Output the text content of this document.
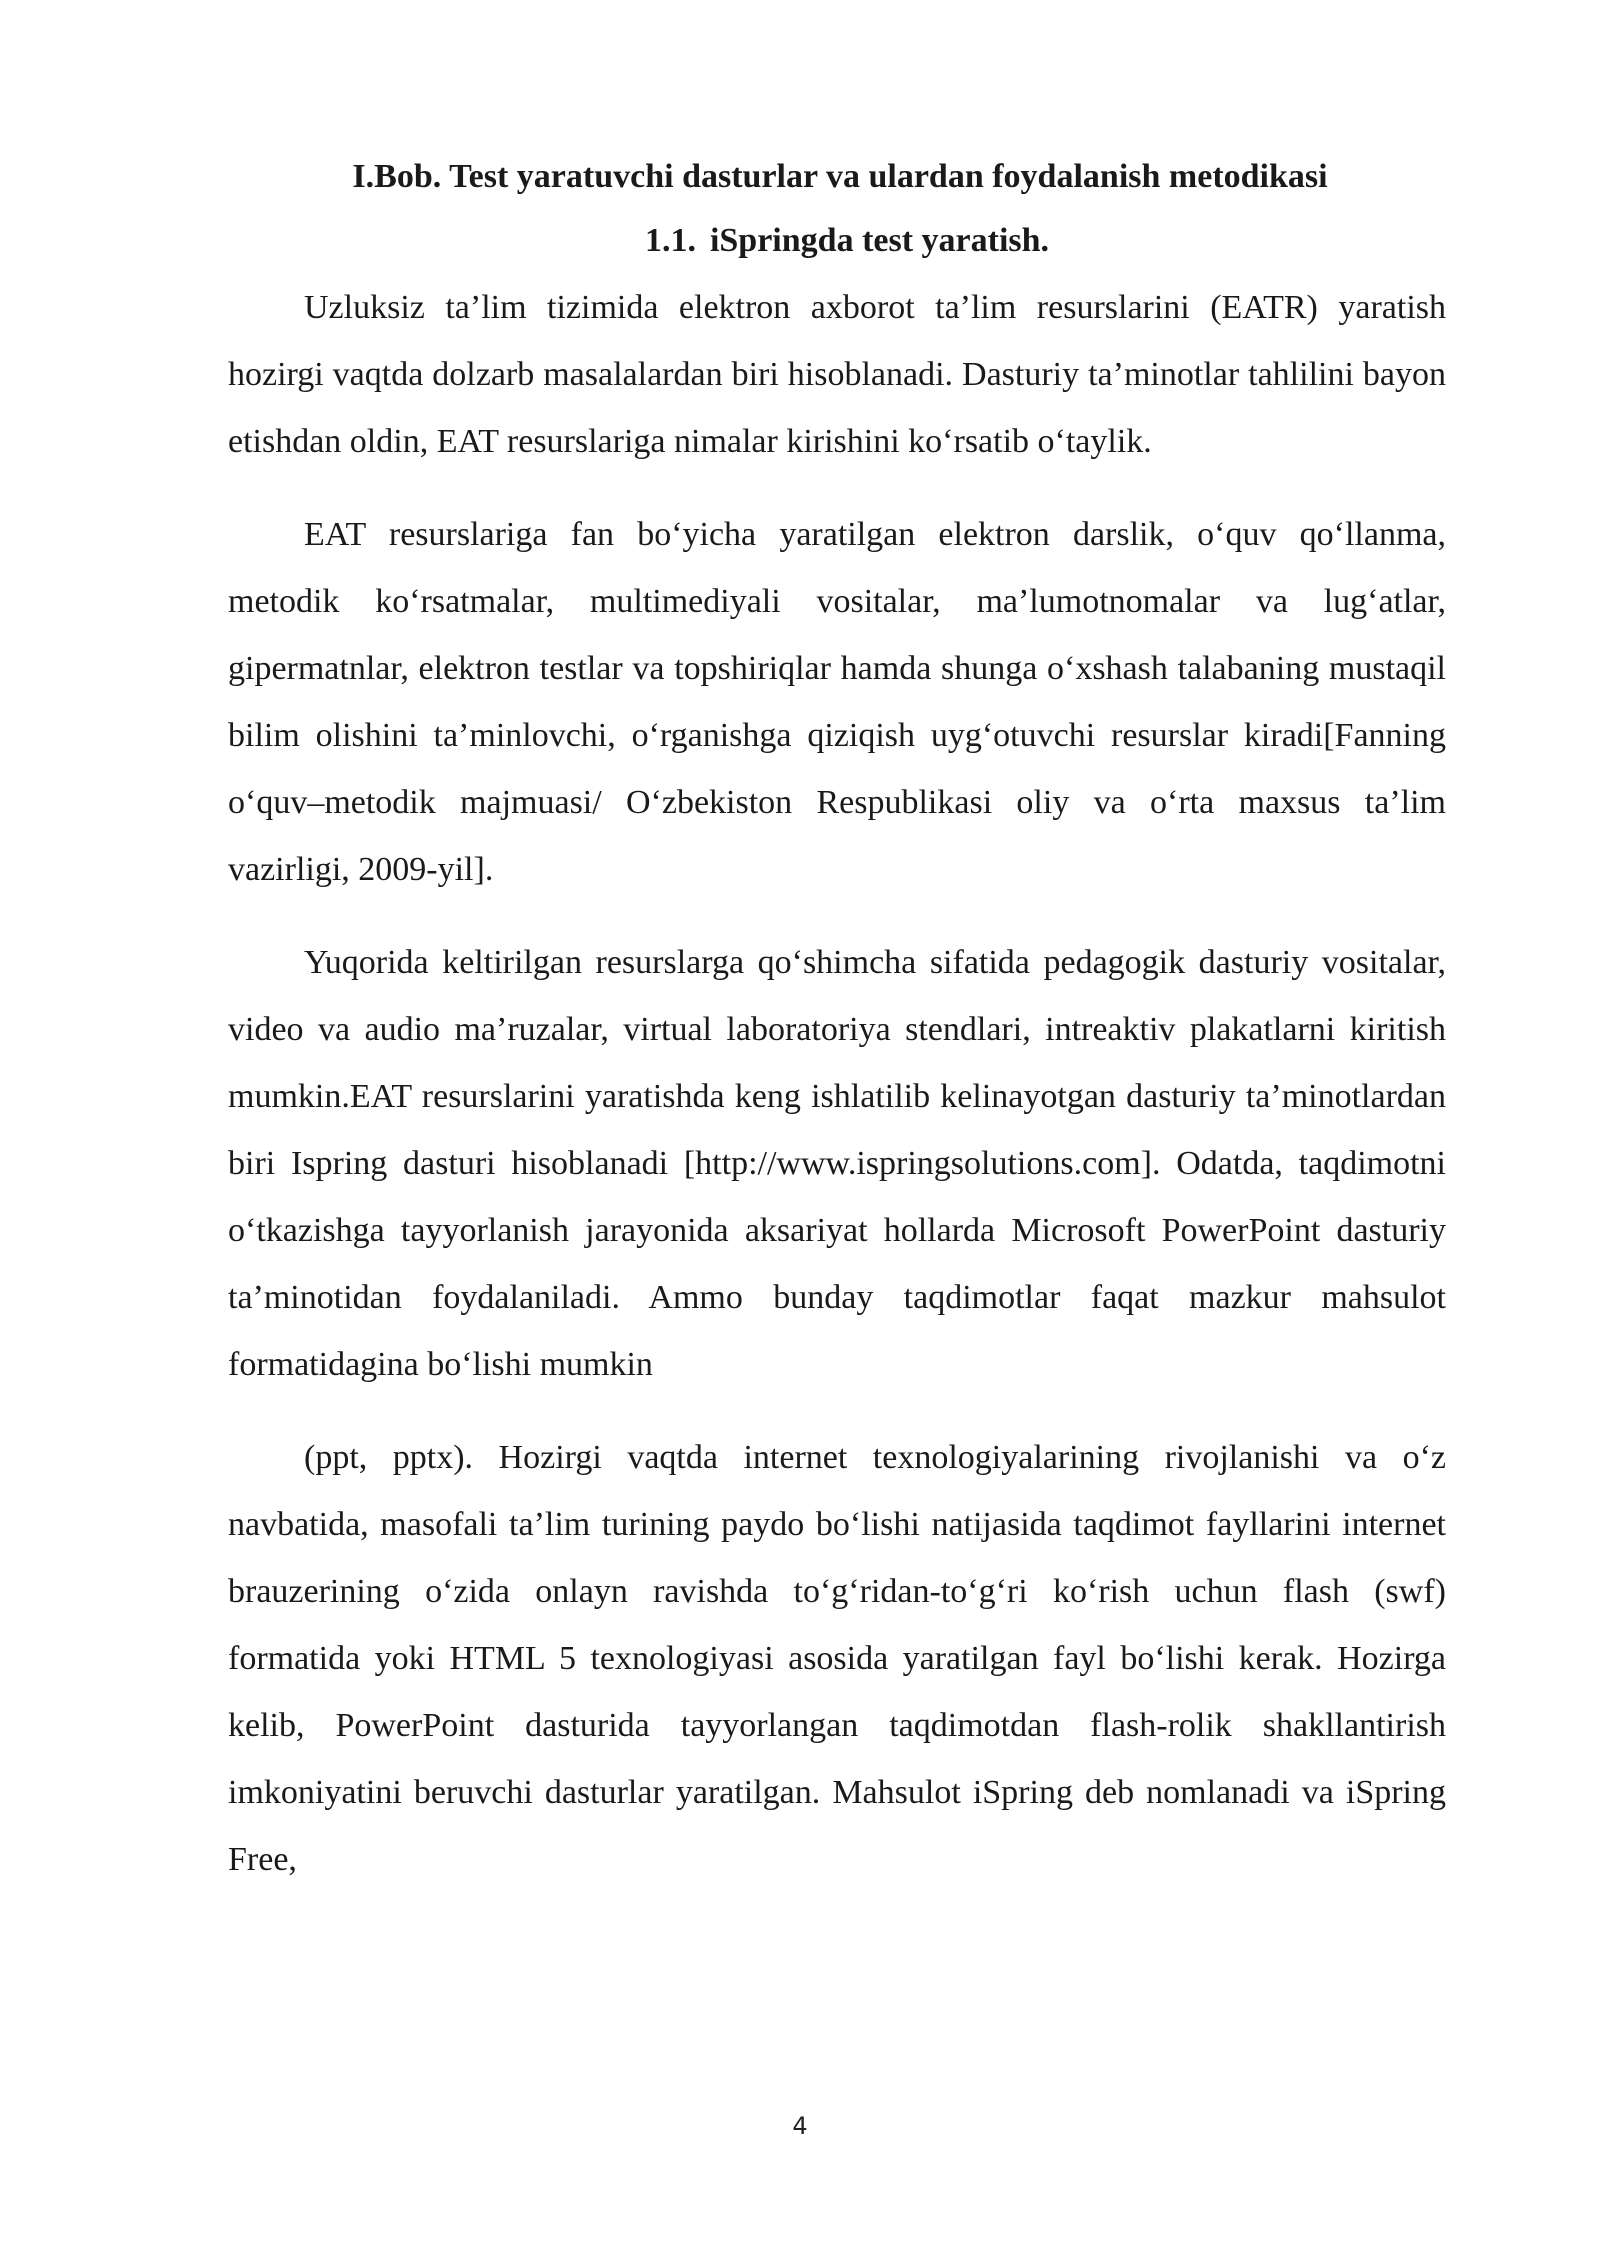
I.Bob. Test yaratuvchi dasturlar va ulardan foydalanish metodikasi
1.1. iSpringda test yaratish.

Uzluksiz ta’lim tizimida elektron axborot ta’lim resurslarini (EATR) yaratish hozirgi vaqtda dolzarb masalalardan biri hisoblanadi. Dasturiy ta’minotlar tahlilini bayon etishdan oldin, EAT resurslariga nimalar kirishini ko‘rsatib o‘taylik.

EAT resurslariga fan bo‘yicha yaratilgan elektron darslik, o‘quv qo‘llanma, metodik ko‘rsatmalar, multimediyali vositalar, ma’lumotnomalar va lug‘atlar, gipermatnlar, elektron testlar va topshiriqlar hamda shunga o‘xshash talabaning mustaqil bilim olishini ta’minlovchi, o‘rganishga qiziqish uyg‘otuvchi resurslar kiradi[Fanning o‘quv–metodik majmuasi/ O‘zbekiston Respublikasi oliy va o‘rta maxsus ta’lim vazirligi, 2009-yil].

Yuqorida keltirilgan resurslarga qo‘shimcha sifatida pedagogik dasturiy vositalar, video va audio ma’ruzalar, virtual laboratoriya stendlari, intreaktiv plakatlarni kiritish mumkin.EAT resurslarini yaratishda keng ishlatilib kelinayotgan dasturiy ta’minotlardan biri Ispring dasturi hisoblanadi [http://www.ispringsolutions.com]. Odatda, taqdimotni o‘tkazishga tayyorlanish jarayonida aksariyat hollarda Microsoft PowerPoint dasturiy ta’minotidan foydalaniladi. Ammo bunday taqdimotlar faqat mazkur mahsulot formatidagina bo‘lishi mumkin

(ppt, pptx). Hozirgi vaqtda internet texnologiyalarining rivojlanishi va o‘z navbatida, masofali ta’lim turining paydo bo‘lishi natijasida taqdimot fayllarini internet brauzerining o‘zida onlayn ravishda to‘g‘ridan-to‘g‘ri ko‘rish uchun flash (swf) formatida yoki HTML 5 texnologiyasi asosida yaratilgan fayl bo‘lishi kerak. Hozirga kelib, PowerPoint dasturida tayyorlangan taqdimotdan flash-rolik shakllantirish imkoniyatini beruvchi dasturlar yaratilgan. Mahsulot iSpring deb nomlanadi va iSpring Free,

4
